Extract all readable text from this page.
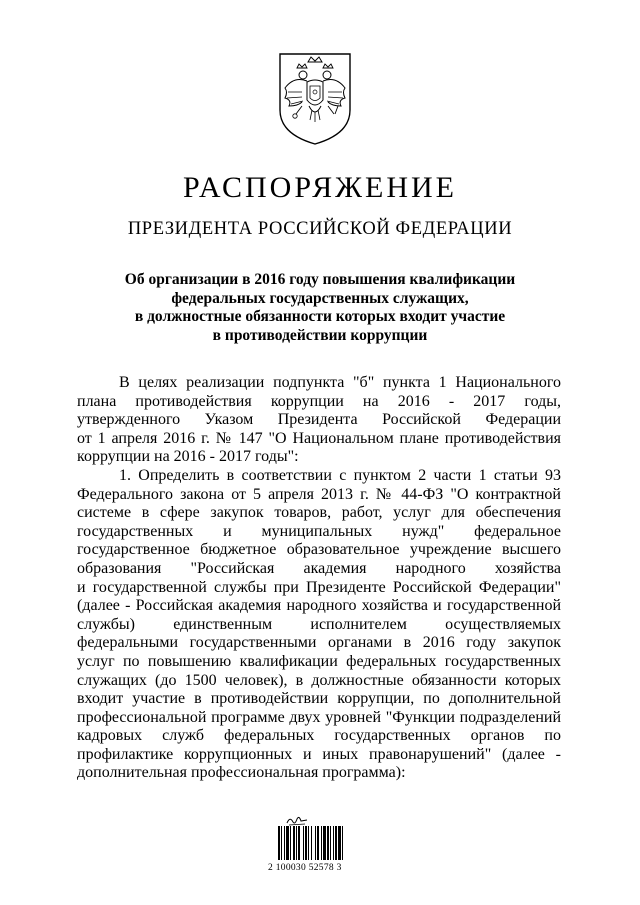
РАСПОРЯЖЕНИЕ
ПРЕЗИДЕНТА РОССИЙСКОЙ ФЕДЕРАЦИИ
Об организации в 2016 году повышения квалификации
федеральных государственных служащих,
в должностные обязанности которых входит участие
в противодействии коррупции
В целях реализации подпункта "б" пункта 1 Национального
плана противодействия коррупции на 2016 - 2017 годы,
утвержденного Указом Президента Российской Федерации
от 1 апреля 2016 г. № 147 "О Национальном плане противодействия
коррупции на 2016 - 2017 годы":
1. Определить в соответствии с пунктом 2 части 1 статьи 93
Федерального закона от 5 апреля 2013 г. № 44-ФЗ "О контрактной
системе в сфере закупок товаров, работ, услуг для обеспечения
государственных и муниципальных нужд" федеральное
государственное бюджетное образовательное учреждение высшего
образования "Российская академия народного хозяйства
и государственной службы при Президенте Российской Федерации"
(далее - Российская академия народного хозяйства и государственной
службы) единственным исполнителем осуществляемых
федеральными государственными органами в 2016 году закупок
услуг по повышению квалификации федеральных государственных
служащих (до 1500 человек), в должностные обязанности которых
входит участие в противодействии коррупции, по дополнительной
профессиональной программе двух уровней "Функции подразделений
кадровых служб федеральных государственных органов по
профилактике коррупционных и иных правонарушений" (далее -
дополнительная профессиональная программа):
2 100030 52578 3
